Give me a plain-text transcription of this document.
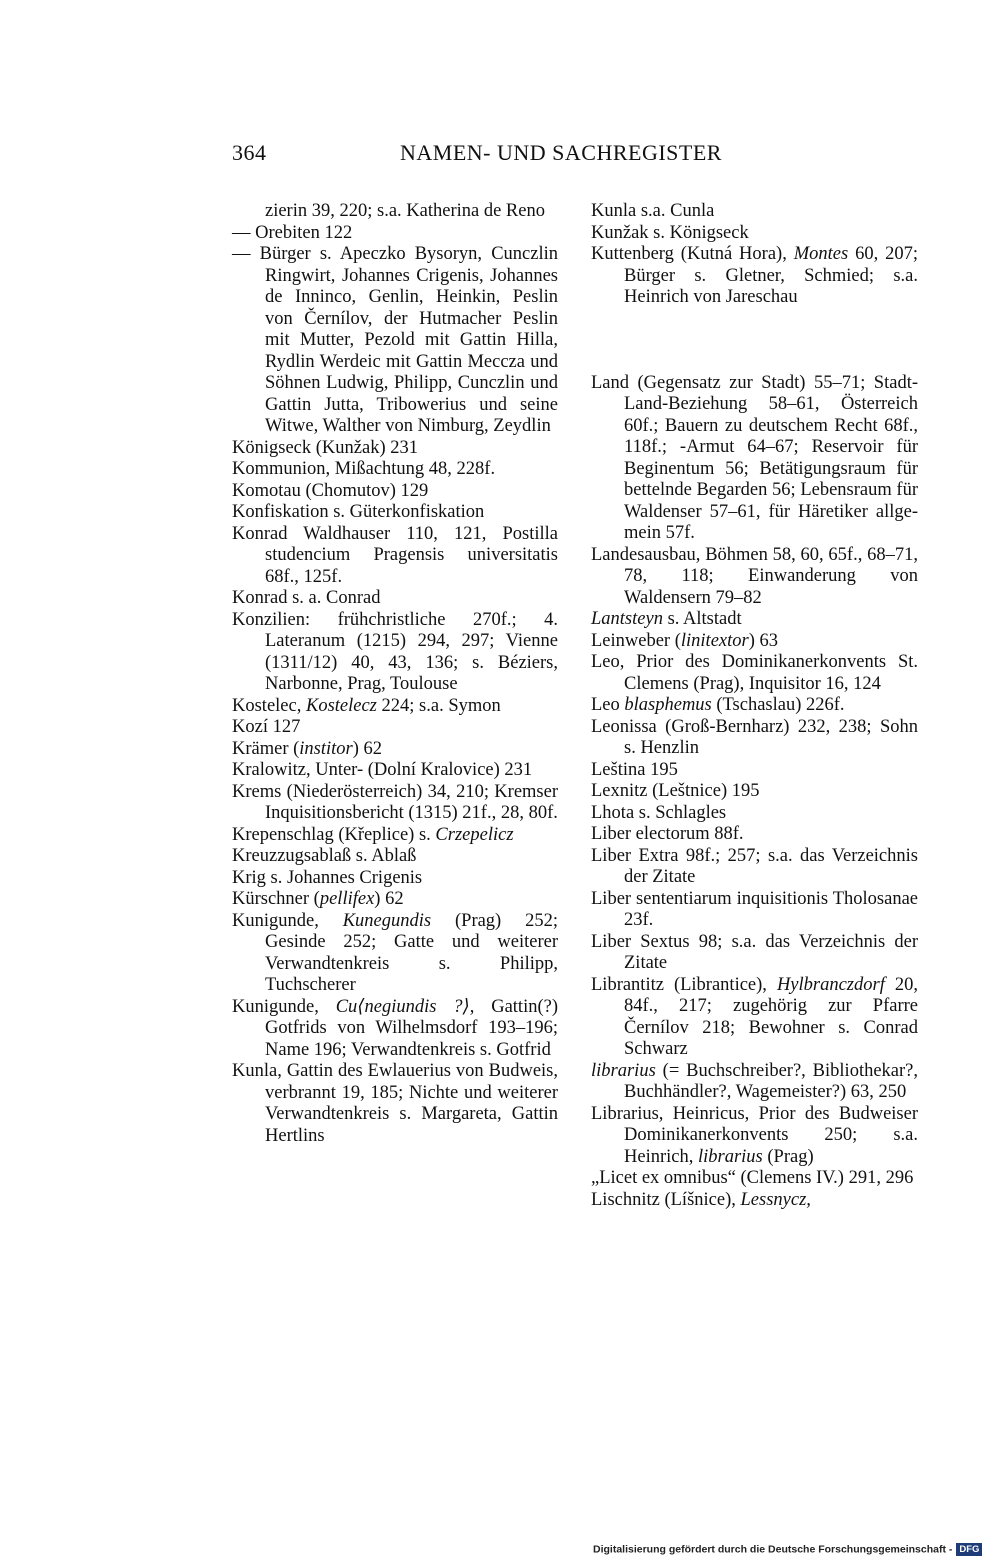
364	NAMEN- UND SACHREGISTER
zierin 39, 220; s.a. Katherina de Reno
— Orebiten 122
— Bürger s. Apeczko Bysoryn, Cunczlin Ringwirt, Johannes Crigenis, Johannes de Inninco, Genlin, Heinkin, Peslin von Černílov, der Hutmacher Peslin mit Mutter, Pezold mit Gattin Hilla, Rydlin Werdeic mit Gattin Meccza und Söhnen Ludwig, Philipp, Cunczlin und Gattin Jutta, Tribowerius und seine Witwe, Walther von Nimburg, Zeydlin
Königseck (Kunžak) 231
Kommunion, Mißachtung 48, 228f.
Komotau (Chomutov) 129
Konfiskation s. Güterkonfiskation
Konrad Waldhauser 110, 121, Postilla studencium Pragensis universitatis 68f., 125f.
Konrad s. a. Conrad
Konzilien: frühchristliche 270f.; 4. Lateranum (1215) 294, 297; Vienne (1311/12) 40, 43, 136; s. Béziers, Narbonne, Prag, Toulouse
Kostelec, Kostelecz 224; s.a. Symon
Kozí 127
Krämer (institor) 62
Kralowitz, Unter- (Dolní Kralovice) 231
Krems (Niederösterreich) 34, 210; Kremser Inquisitionsbericht (1315) 21f., 28, 80f.
Krepenschlag (Křeplice) s. Crzepelicz
Kreuzzugsablaß s. Ablaß
Krig s. Johannes Crigenis
Kürschner (pellifex) 62
Kunigunde, Kunegundis (Prag) 252; Gesinde 252; Gatte und weiterer Verwandtenkreis s. Philipp, Tuchscherer
Kunigunde, Cu⟨negiundis ?⟩, Gattin(?) Gotfrids von Wilhelmsdorf 193–196; Name 196; Verwandtenkreis s. Gotfrid
Kunla, Gattin des Ewlauerius von Budweis, verbrannt 19, 185; Nichte und weiterer Verwandtenkreis s. Margareta, Gattin Hertlins
Kunla s.a. Cunla
Kunžak s. Königseck
Kuttenberg (Kutná Hora), Montes 60, 207; Bürger s. Gletner, Schmied; s.a. Heinrich von Jareschau
Land (Gegensatz zur Stadt) 55–71; Stadt-Land-Beziehung 58–61, Österreich 60f.; Bauern zu deutschem Recht 68f., 118f.; -Armut 64–67; Reservoir für Beginentum 56; Betätigungsraum für bettelnde Begarden 56; Lebensraum für Waldenser 57–61, für Häretiker allgemein 57f.
Landesausbau, Böhmen 58, 60, 65f., 68–71, 78, 118; Einwanderung von Waldensern 79–82
Lantsteyn s. Altstadt
Leinweber (linitextor) 63
Leo, Prior des Dominikanerkonvents St. Clemens (Prag), Inquisitor 16, 124
Leo blasphemus (Tschaslau) 226f.
Leonissa (Groß-Bernharz) 232, 238; Sohn s. Henzlin
Leština 195
Lexnitz (Leštnice) 195
Lhota s. Schlagles
Liber electorum 88f.
Liber Extra 98f.; 257; s.a. das Verzeichnis der Zitate
Liber sententiarum inquisitionis Tholosanae 23f.
Liber Sextus 98; s.a. das Verzeichnis der Zitate
Librantitz (Librantice), Hylbranczdorf 20, 84f., 217; zugehörig zur Pfarre Černílov 218; Bewohner s. Conrad Schwarz
librarius (= Buchschreiber?, Bibliothekar?, Buchhändler?, Wagemeister?) 63, 250
Librarius, Heinricus, Prior des Budweiser Dominikanerkonvents 250; s.a. Heinrich, librarius (Prag)
„Licet ex omnibus“ (Clemens IV.) 291, 296
Lischnitz (Líšnice), Lessnycz,
Digitalisierung gefördert durch die Deutsche Forschungsgemeinschaft - DFG
